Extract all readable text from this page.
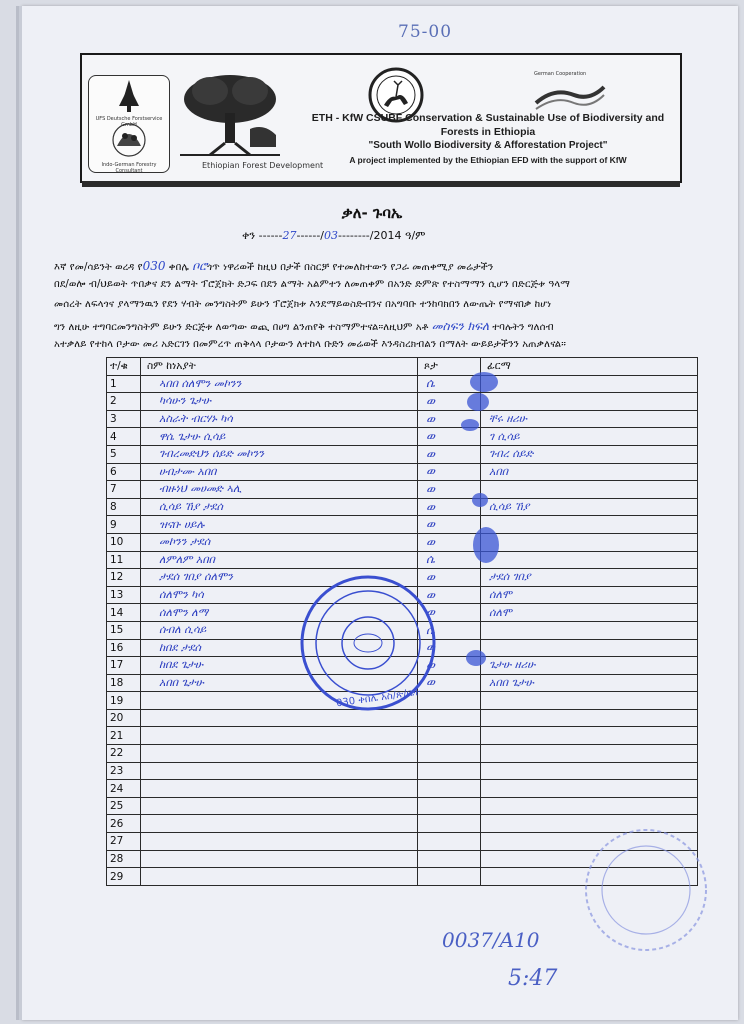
75-00
UFS Deutsche Forstservice GmbH
Indo-German Forestry Consultant
Ethiopian Forest Development
German Cooperation
ETH - KfW CSUBF Conservation & Sustainable Use of Biodiversity and
Forests in Ethiopia
"South Wollo Biodiversity & Afforestation Project"
A project implemented by the Ethiopian EFD with the support of KfW
ቃለ- ጉባኤ
ቀን ------27------/03--------/2014 ዓ/ም
እኛ የመ/ሳይንት ወረዳ የ030 ቀበሌ ቦሮጎጥ ነዋሪወች ከዚህ በታች በስርቻ የተመለከተውን የጋራ መጠቀሚያ መሬታችን
በደ/ወሎ ብ/ህይወት ጥበቃና ደን ልማት ፕሮጀክት ድጋፍ በደን ልማት አልምተን ለመጠቀም በአንድ ድምጽ የተስማማን ሲሆን በድርጅቱ ዓላማ
መሰረት ለፍላጎና ያላማንዉን የደን ሃብት መንግስትም ይሁን ፕሮጀክቱ እንደማይወስድብንና በአግባቡ ተንከባክበን ለውጤት የማናበቃ ከሆነ
ግን ለዚሁ ተግባርመንግስትም ይሁን ድርጅቱ ለወጣው ወጪ በሀግ ልንጠየቅ ተስማምተናል።ለዚህም አቶ መስፍን ክፍለ ተባሉትን ግለሰብ
አተቃለይ የተከላ ቦታው መሪ አድርገን በመምረጥ ጠቅላላ ቦታውን ለተከላ ቡድን መሬወች እንዳስረክብልን በማለት ውይይታችንን አጠቃለናል።
ተ/ቁ	ስም ከነአያት	ጾታ	ፊርማ
1	ኣበበ ሰለሞን መኮንን	ሴ	
2	ካሳሁን ጌታሁ	ወ	
3	አስራት ብርሃኑ ካሳ	ወ	ቸሩ ዘሪሁ
4	ዋሴ ጌታሁ ሲሳይ	ወ	ገ ሲሳይ
5	ገብረመድህን ሰይድ መኮንን	ወ	ገብረ ሰይድ
6	ሀብታሙ አበበ	ወ	አበበ
7	ብዙነህ መሀመድ ኣሊ	ወ	
8	ሲሳይ ኸያ ታደሰ	ወ	ሲሳይ ኸያ
9	ዝናቡ ሀይሉ	ወ	
10	መኮንን ታደሰ	ወ	
11	ለምለም አበበ	ሴ	
12	ታደሰ ገበያ ሰለሞን	ወ	ታደሰ ገበያ
13	ሰለሞን ካሳ	ወ	ሰለሞ
14	ሰለሞን ለማ	ወ	ሰለሞ
15	ሰብለ ሲሳይ	ሴ	
16	ከበደ ታደሰ	ወ	
17	ከበደ ጌታሁ	ወ	ጌታሁ ዘሪሁ
18	አበበ ጌታሁ	ወ	አበበ ጌታሁ
19			
20			
21			
22			
23			
24			
25			
26			
27			
28			
29			
030 ቀበሌ አስ/ጽ/ቤት
0037/A10
5:47
